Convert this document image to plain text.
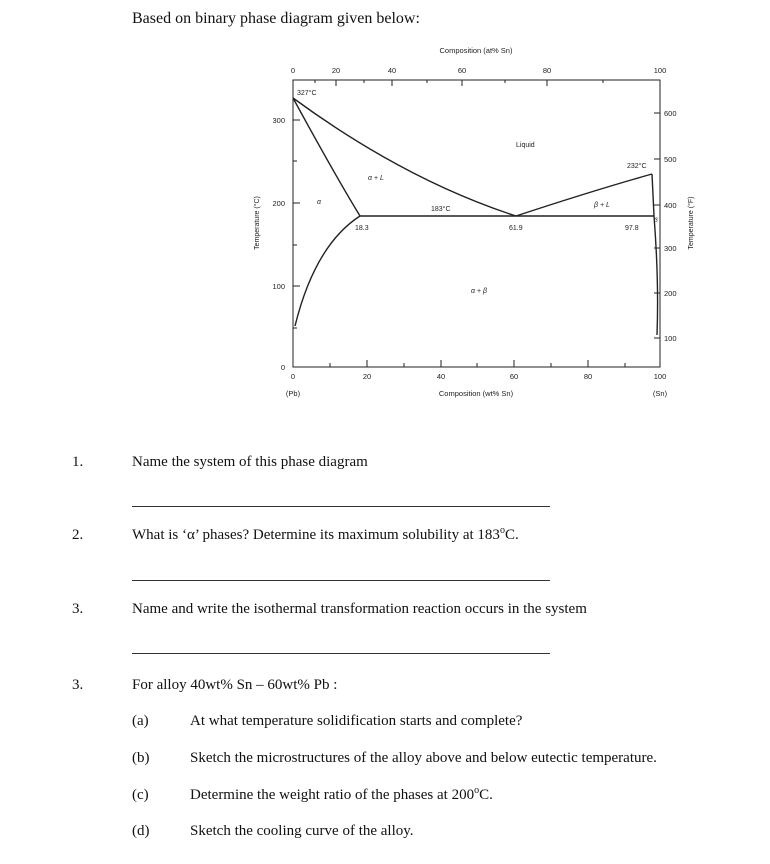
Based on binary phase diagram given below:
Composition (at% Sn)
0	20	40	60	80	100
Temperature (°C)
300
200
100
0
Temperature (°F)
600
500
400
300
200
100
0	20	40	60	80	100
(Pb)	Composition (wt% Sn)	(Sn)
327°C
232°C
183°C
18.3	61.9	97.8
Liquid
α + L
β + L
α
β
α + β
1.	Name the system of this phase diagram
2.	What is ‘α’ phases? Determine its maximum solubility at 183$^o$C.
3.	Name and write the isothermal transformation reaction occurs in the system
3.	For alloy 40wt% Sn – 60wt% Pb :
(a)	At what temperature solidification starts and complete?
(b)	Sketch the microstructures of the alloy above and below eutectic temperature.
(c)	Determine the weight ratio of the phases at 200$^o$C.
(d)	Sketch the cooling curve of the alloy.
